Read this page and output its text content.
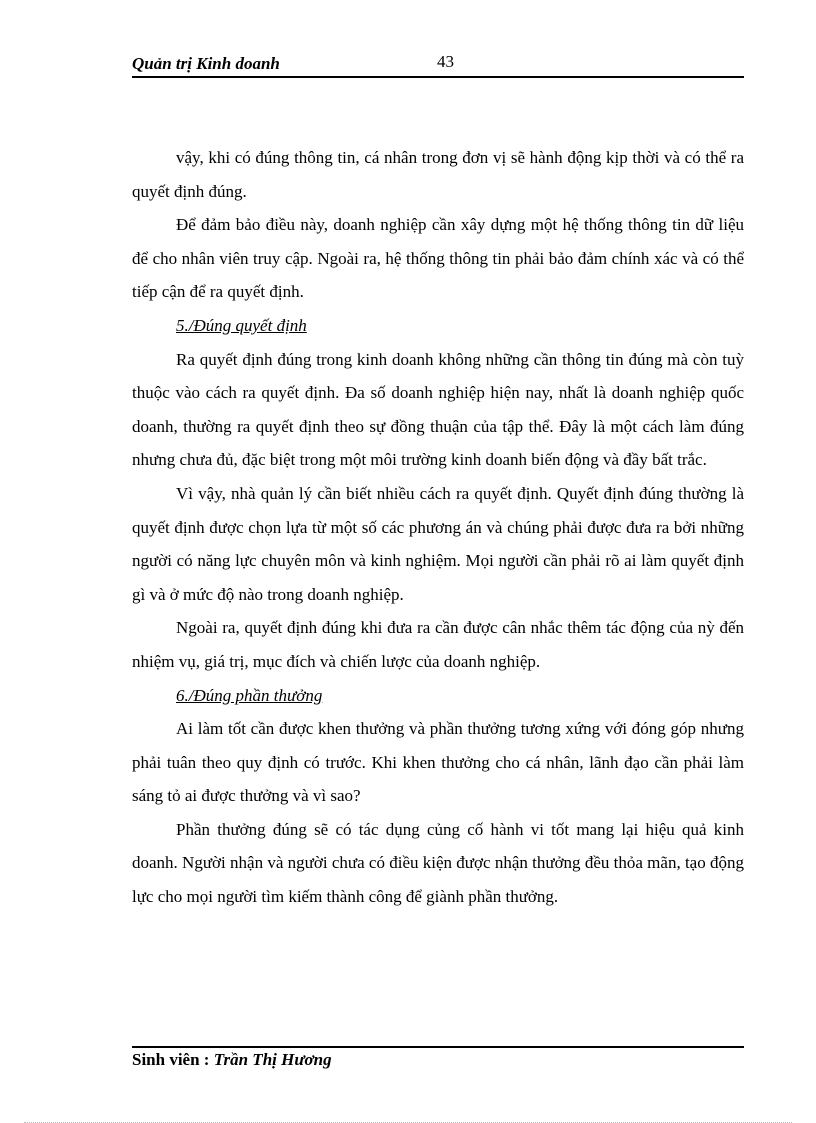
Quản trị Kinh doanh	43

vậy, khi có đúng thông tin, cá nhân trong đơn vị sẽ hành động kịp thời và có thể ra quyết định đúng.

Để đảm bảo điều này, doanh nghiệp cần xây dựng một hệ thống thông tin dữ liệu để cho nhân viên truy cập. Ngoài ra, hệ thống thông tin phải bảo đảm chính xác và có thể tiếp cận để ra quyết định.

5./Đúng quyết định

Ra quyết định đúng trong kinh doanh không những cần thông tin đúng mà còn tuỳ thuộc vào cách ra quyết định. Đa số doanh nghiệp hiện nay, nhất là doanh nghiệp quốc doanh, thường ra quyết định theo sự đồng thuận của tập thể. Đây là một cách làm đúng nhưng chưa đủ, đặc biệt trong một môi trường kinh doanh biến động và đầy bất trắc.

Vì vậy, nhà quản lý cần biết nhiều cách ra quyết định. Quyết định đúng thường là quyết định được chọn lựa từ một số các phương án và chúng phải được đưa ra bởi những người có năng lực chuyên môn và kinh nghiệm. Mọi người cần phải rõ ai làm quyết định gì và ở mức độ nào trong doanh nghiệp.

Ngoài ra, quyết định đúng khi đưa ra cần được cân nhắc thêm tác động của nỳ đến nhiệm vụ, giá trị, mục đích và chiến lược của doanh nghiệp.

6./Đúng phần thưởng

Ai làm tốt cần được khen thưởng và phần thưởng tương xứng với đóng góp nhưng phải tuân theo quy định có trước. Khi khen thưởng cho cá nhân, lãnh đạo cần phải làm sáng tỏ ai được thưởng và vì sao?

Phần thưởng đúng sẽ có tác dụng củng cố hành vi tốt mang lại hiệu quả kinh doanh. Người nhận và người chưa có điều kiện được nhận thưởng đều thỏa mãn, tạo động lực cho mọi người tìm kiếm thành công để giành phần thưởng.

Sinh viên : Trần Thị Hương
